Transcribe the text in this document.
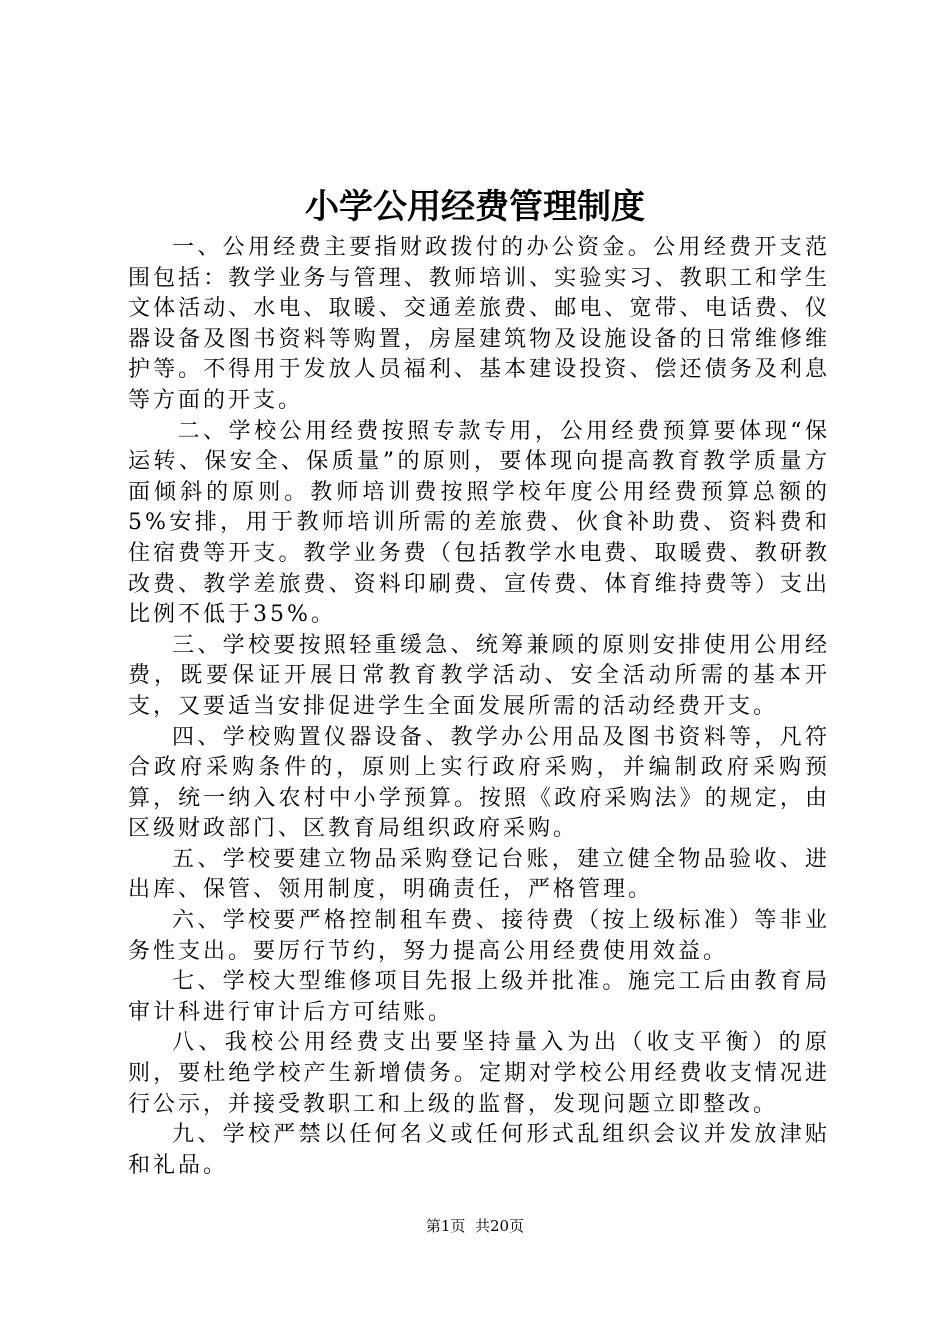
小学公用经费管理制度

一、公用经费主要指财政拨付的办公资金。公用经费开支范围包括：教学业务与管理、教师培训、实验实习、教职工和学生文体活动、水电、取暖、交通差旅费、邮电、宽带、电话费、仪器设备及图书资料等购置，房屋建筑物及设施设备的日常维修维护等。不得用于发放人员福利、基本建设投资、偿还债务及利息等方面的开支。

二、学校公用经费按照专款专用，公用经费预算要体现“保运转、保安全、保质量”的原则，要体现向提高教育教学质量方面倾斜的原则。教师培训费按照学校年度公用经费预算总额的5%安排，用于教师培训所需的差旅费、伙食补助费、资料费和住宿费等开支。教学业务费（包括教学水电费、取暖费、教研教改费、教学差旅费、资料印刷费、宣传费、体育维持费等）支出比例不低于35%。

三、学校要按照轻重缓急、统筹兼顾的原则安排使用公用经费，既要保证开展日常教育教学活动、安全活动所需的基本开支，又要适当安排促进学生全面发展所需的活动经费开支。

四、学校购置仪器设备、教学办公用品及图书资料等，凡符合政府采购条件的，原则上实行政府采购，并编制政府采购预算，统一纳入农村中小学预算。按照《政府采购法》的规定，由区级财政部门、区教育局组织政府采购。

五、学校要建立物品采购登记台账，建立健全物品验收、进出库、保管、领用制度，明确责任，严格管理。

六、学校要严格控制租车费、接待费（按上级标准）等非业务性支出。要厉行节约，努力提高公用经费使用效益。

七、学校大型维修项目先报上级并批准。施完工后由教育局审计科进行审计后方可结账。

八、我校公用经费支出要坚持量入为出（收支平衡）的原则，要杜绝学校产生新增债务。定期对学校公用经费收支情况进行公示，并接受教职工和上级的监督，发现问题立即整改。

九、学校严禁以任何名义或任何形式乱组织会议并发放津贴和礼品。

第1页 共20页
